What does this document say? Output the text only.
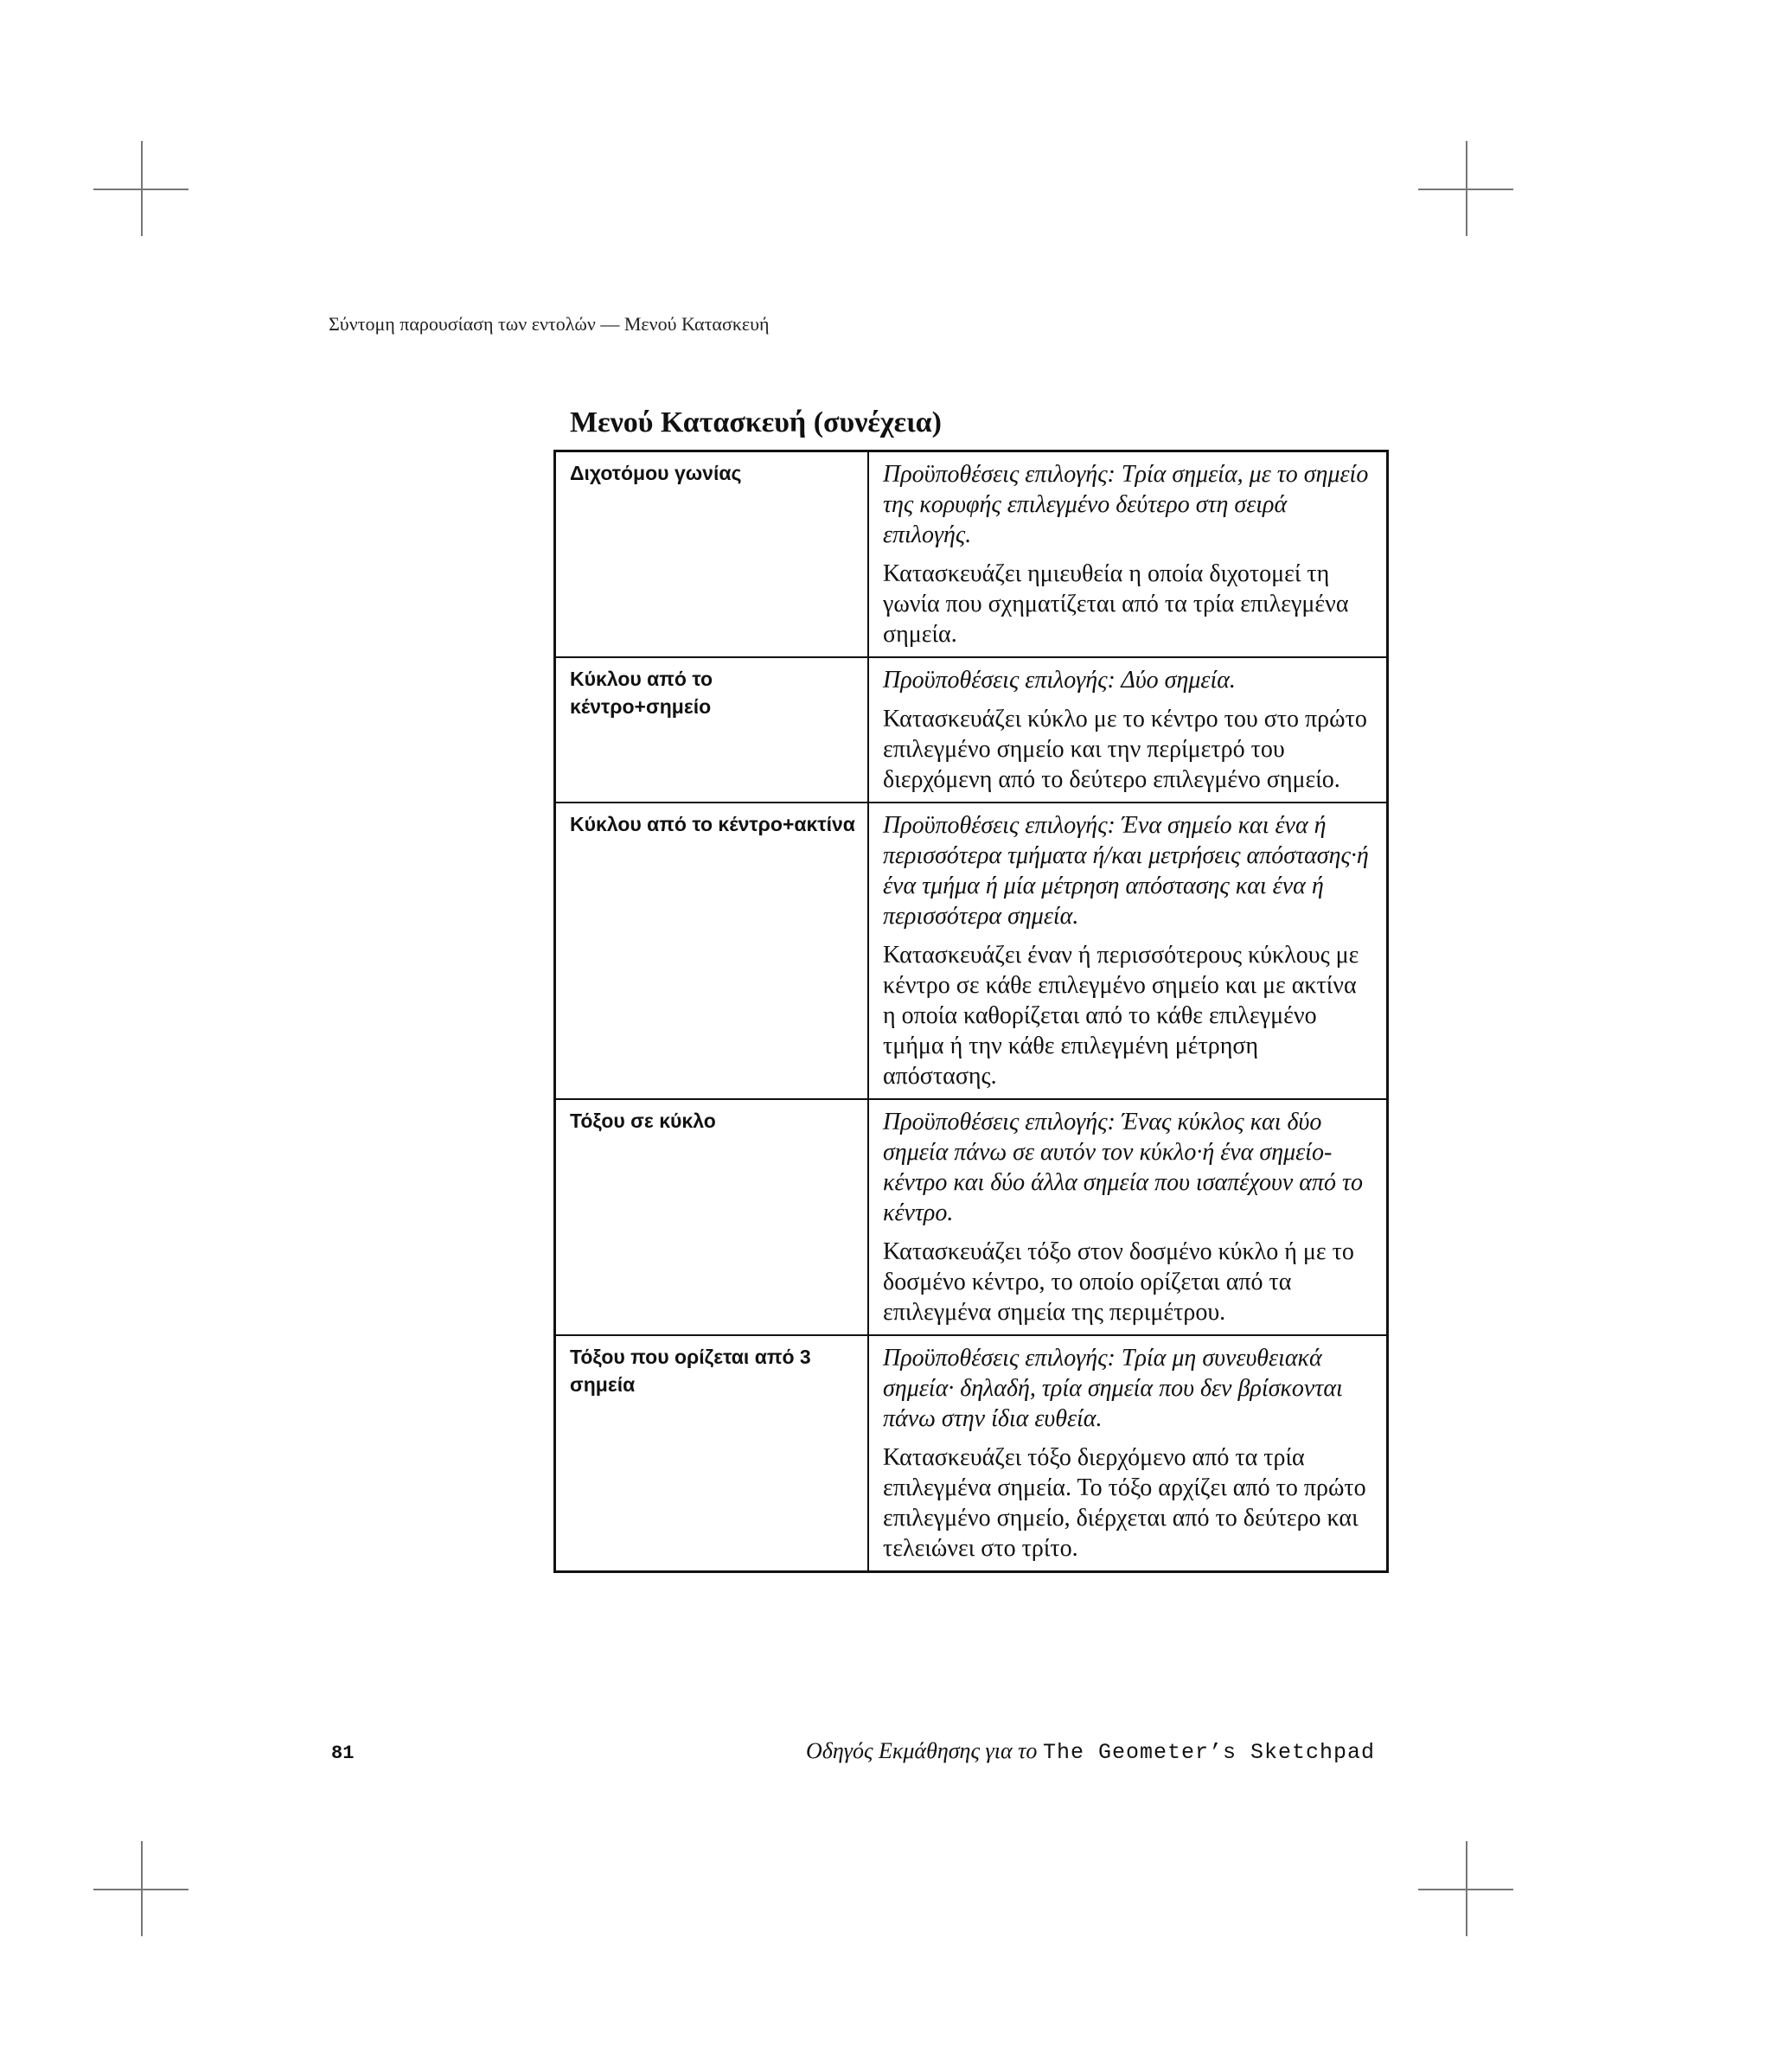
Σύντομη παρουσίαση των εντολών — Μενού Κατασκευή
Μενού Κατασκευή (συνέχεια)
Διχοτόμου γωνίας	Προϋποθέσεις επιλογής: Τρία σημεία, με το σημείο της κορυφής επιλεγμένο δεύτερο στη σειρά επιλογής.

Κατασκευάζει ημιευθεία η οποία διχοτομεί τη γωνία που σχηματίζεται από τα τρία επιλεγμένα σημεία.

Κύκλου από το κέντρο+σημείο	Προϋποθέσεις επιλογής: Δύο σημεία.

Κατασκευάζει κύκλο με το κέντρο του στο πρώτο επιλεγμένο σημείο και την περίμετρό του διερχόμενη από το δεύτερο επιλεγμένο σημείο.

Κύκλου από το κέντρο+ακτίνα	Προϋποθέσεις επιλογής: Ένα σημείο και ένα ή περισσότερα τμήματα ή/και μετρήσεις απόστασης·ή ένα τμήμα ή μία μέτρηση απόστασης και ένα ή περισσότερα σημεία.

Κατασκευάζει έναν ή περισσότερους κύκλους με κέντρο σε κάθε επιλεγμένο σημείο και με ακτίνα η οποία καθορίζεται από το κάθε επιλεγμένο τμήμα ή την κάθε επιλεγμένη μέτρηση απόστασης.

Τόξου σε κύκλο	Προϋποθέσεις επιλογής: Ένας κύκλος και δύο σημεία πάνω σε αυτόν τον κύκλο·ή ένα σημείο-κέντρο και δύο άλλα σημεία που ισαπέχουν από το κέντρο.

Κατασκευάζει τόξο στον δοσμένο κύκλο ή με το δοσμένο κέντρο, το οποίο ορίζεται από τα επιλεγμένα σημεία της περιμέτρου.

Τόξου που ορίζεται από 3 σημεία	Προϋποθέσεις επιλογής: Τρία μη συνευθειακά σημεία· δηλαδή, τρία σημεία που δεν βρίσκονται πάνω στην ίδια ευθεία.

Κατασκευάζει τόξο διερχόμενο από τα τρία επιλεγμένα σημεία. Το τόξο αρχίζει από το πρώτο επιλεγμένο σημείο, διέρχεται από το δεύτερο και τελειώνει στο τρίτο.

81	Οδηγός Εκμάθησης για το The Geometer’s Sketchpad
